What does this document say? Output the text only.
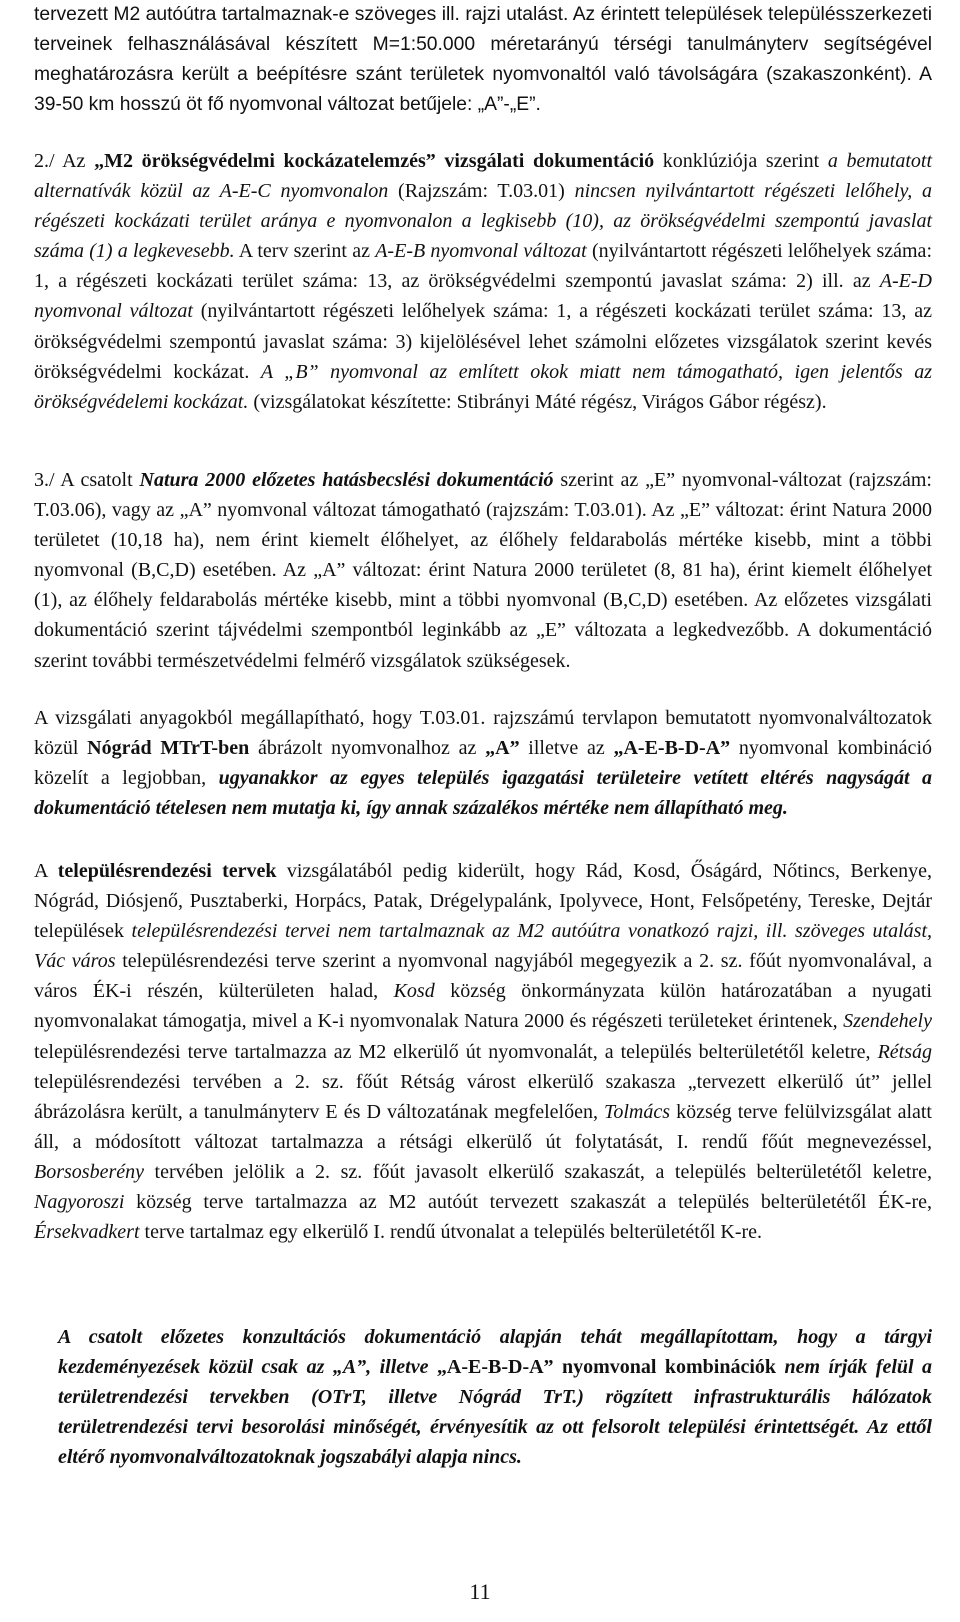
tervezett M2 autóútra tartalmaznak-e szöveges ill. rajzi utalást. Az érintett települések településszerkezeti terveinek felhasználásával készített M=1:50.000 méretarányú térségi tanulmányterv segítségével meghatározásra került a beépítésre szánt területek nyomvonaltól való távolságára (szakaszonként). A 39-50 km hosszú öt fő nyomvonal változat betűjele: „A”-„E”.

2./ Az „M2 örökségvédelmi kockázatelemzés” vizsgálati dokumentáció konklúziója szerint a bemutatott alternatívák közül az A-E-C nyomvonalon (Rajzszám: T.03.01) nincsen nyilvántartott régészeti lelőhely, a régészeti kockázati terület aránya e nyomvonalon a legkisebb (10), az örökségvédelmi szempontú javaslat száma (1) a legkevesebb. A terv szerint az A-E-B nyomvonal változat (nyilvántartott régészeti lelőhelyek száma: 1, a régészeti kockázati terület száma: 13, az örökségvédelmi szempontú javaslat száma: 2) ill. az A-E-D nyomvonal változat (nyilvántartott régészeti lelőhelyek száma: 1, a régészeti kockázati terület száma: 13, az örökségvédelmi szempontú javaslat száma: 3) kijelölésével lehet számolni előzetes vizsgálatok szerint kevés örökségvédelmi kockázat. A „B” nyomvonal az említett okok miatt nem támogatható, igen jelentős az örökségvédelemi kockázat. (vizsgálatokat készítette: Stibrányi Máté régész, Virágos Gábor régész).

3./ A csatolt Natura 2000 előzetes hatásbecslési dokumentáció szerint az „E” nyomvonal-változat (rajzszám: T.03.06), vagy az „A” nyomvonal változat támogatható (rajzszám: T.03.01). Az „E” változat: érint Natura 2000 területet (10,18 ha), nem érint kiemelt élőhelyet, az élőhely feldarabolás mértéke kisebb, mint a többi nyomvonal (B,C,D) esetében. Az „A” változat: érint Natura 2000 területet (8, 81 ha), érint kiemelt élőhelyet (1), az élőhely feldarabolás mértéke kisebb, mint a többi nyomvonal (B,C,D) esetében. Az előzetes vizsgálati dokumentáció szerint tájvédelmi szempontból leginkább az „E” változata a legkedvezőbb. A dokumentáció szerint további természetvédelmi felmérő vizsgálatok szükségesek.

A vizsgálati anyagokból megállapítható, hogy T.03.01. rajzszámú tervlapon bemutatott nyomvonalváltozatok közül Nógrád MTrT-ben ábrázolt nyomvonalhoz az „A” illetve az „A-E-B-D-A” nyomvonal kombináció közelít a legjobban, ugyanakkor az egyes település igazgatási területeire vetített eltérés nagyságát a dokumentáció tételesen nem mutatja ki, így annak százalékos mértéke nem állapítható meg.

A településrendezési tervek vizsgálatából pedig kiderült, hogy Rád, Kosd, Őságárd, Nőtincs, Berkenye, Nógrád, Diósjenő, Pusztaberki, Horpács, Patak, Drégelypalánk, Ipolyvece, Hont, Felsőpetény, Tereske, Dejtár települések településrendezési tervei nem tartalmaznak az M2 autóútra vonatkozó rajzi, ill. szöveges utalást, Vác város településrendezési terve szerint a nyomvonal nagyjából megegyezik a 2. sz. főút nyomvonalával, a város ÉK-i részén, külterületen halad, Kosd község önkormányzata külön határozatában a nyugati nyomvonalakat támogatja, mivel a K-i nyomvonalak Natura 2000 és régészeti területeket érintenek, Szendehely településrendezési terve tartalmazza az M2 elkerülő út nyomvonalát, a település belterületétől keletre, Rétság településrendezési tervében a 2. sz. főút Rétság várost elkerülő szakasza „tervezett elkerülő út” jellel ábrázolásra került, a tanulmányterv E és D változatának megfelelően, Tolmács község terve felülvizsgálat alatt áll, a módosított változat tartalmazza a rétsági elkerülő út folytatását, I. rendű főút megnevezéssel, Borsosberény tervében jelölik a 2. sz. főút javasolt elkerülő szakaszát, a település belterületétől keletre, Nagyoroszi község terve tartalmazza az M2 autóút tervezett szakaszát a település belterületétől ÉK-re, Érsekvadkert terve tartalmaz egy elkerülő I. rendű útvonalat a település belterületétől K-re.

A csatolt előzetes konzultációs dokumentáció alapján tehát megállapítottam, hogy a tárgyi kezdeményezések közül csak az „A”, illetve „A-E-B-D-A” nyomvonal kombinációk nem írják felül a területrendezési tervekben (OTrT, illetve Nógrád TrT.) rögzített infrastrukturális hálózatok területrendezési tervi besorolási minőségét, érvényesítik az ott felsorolt települési érintettségét. Az ettől eltérő nyomvonalváltozatoknak jogszabályi alapja nincs.

11
